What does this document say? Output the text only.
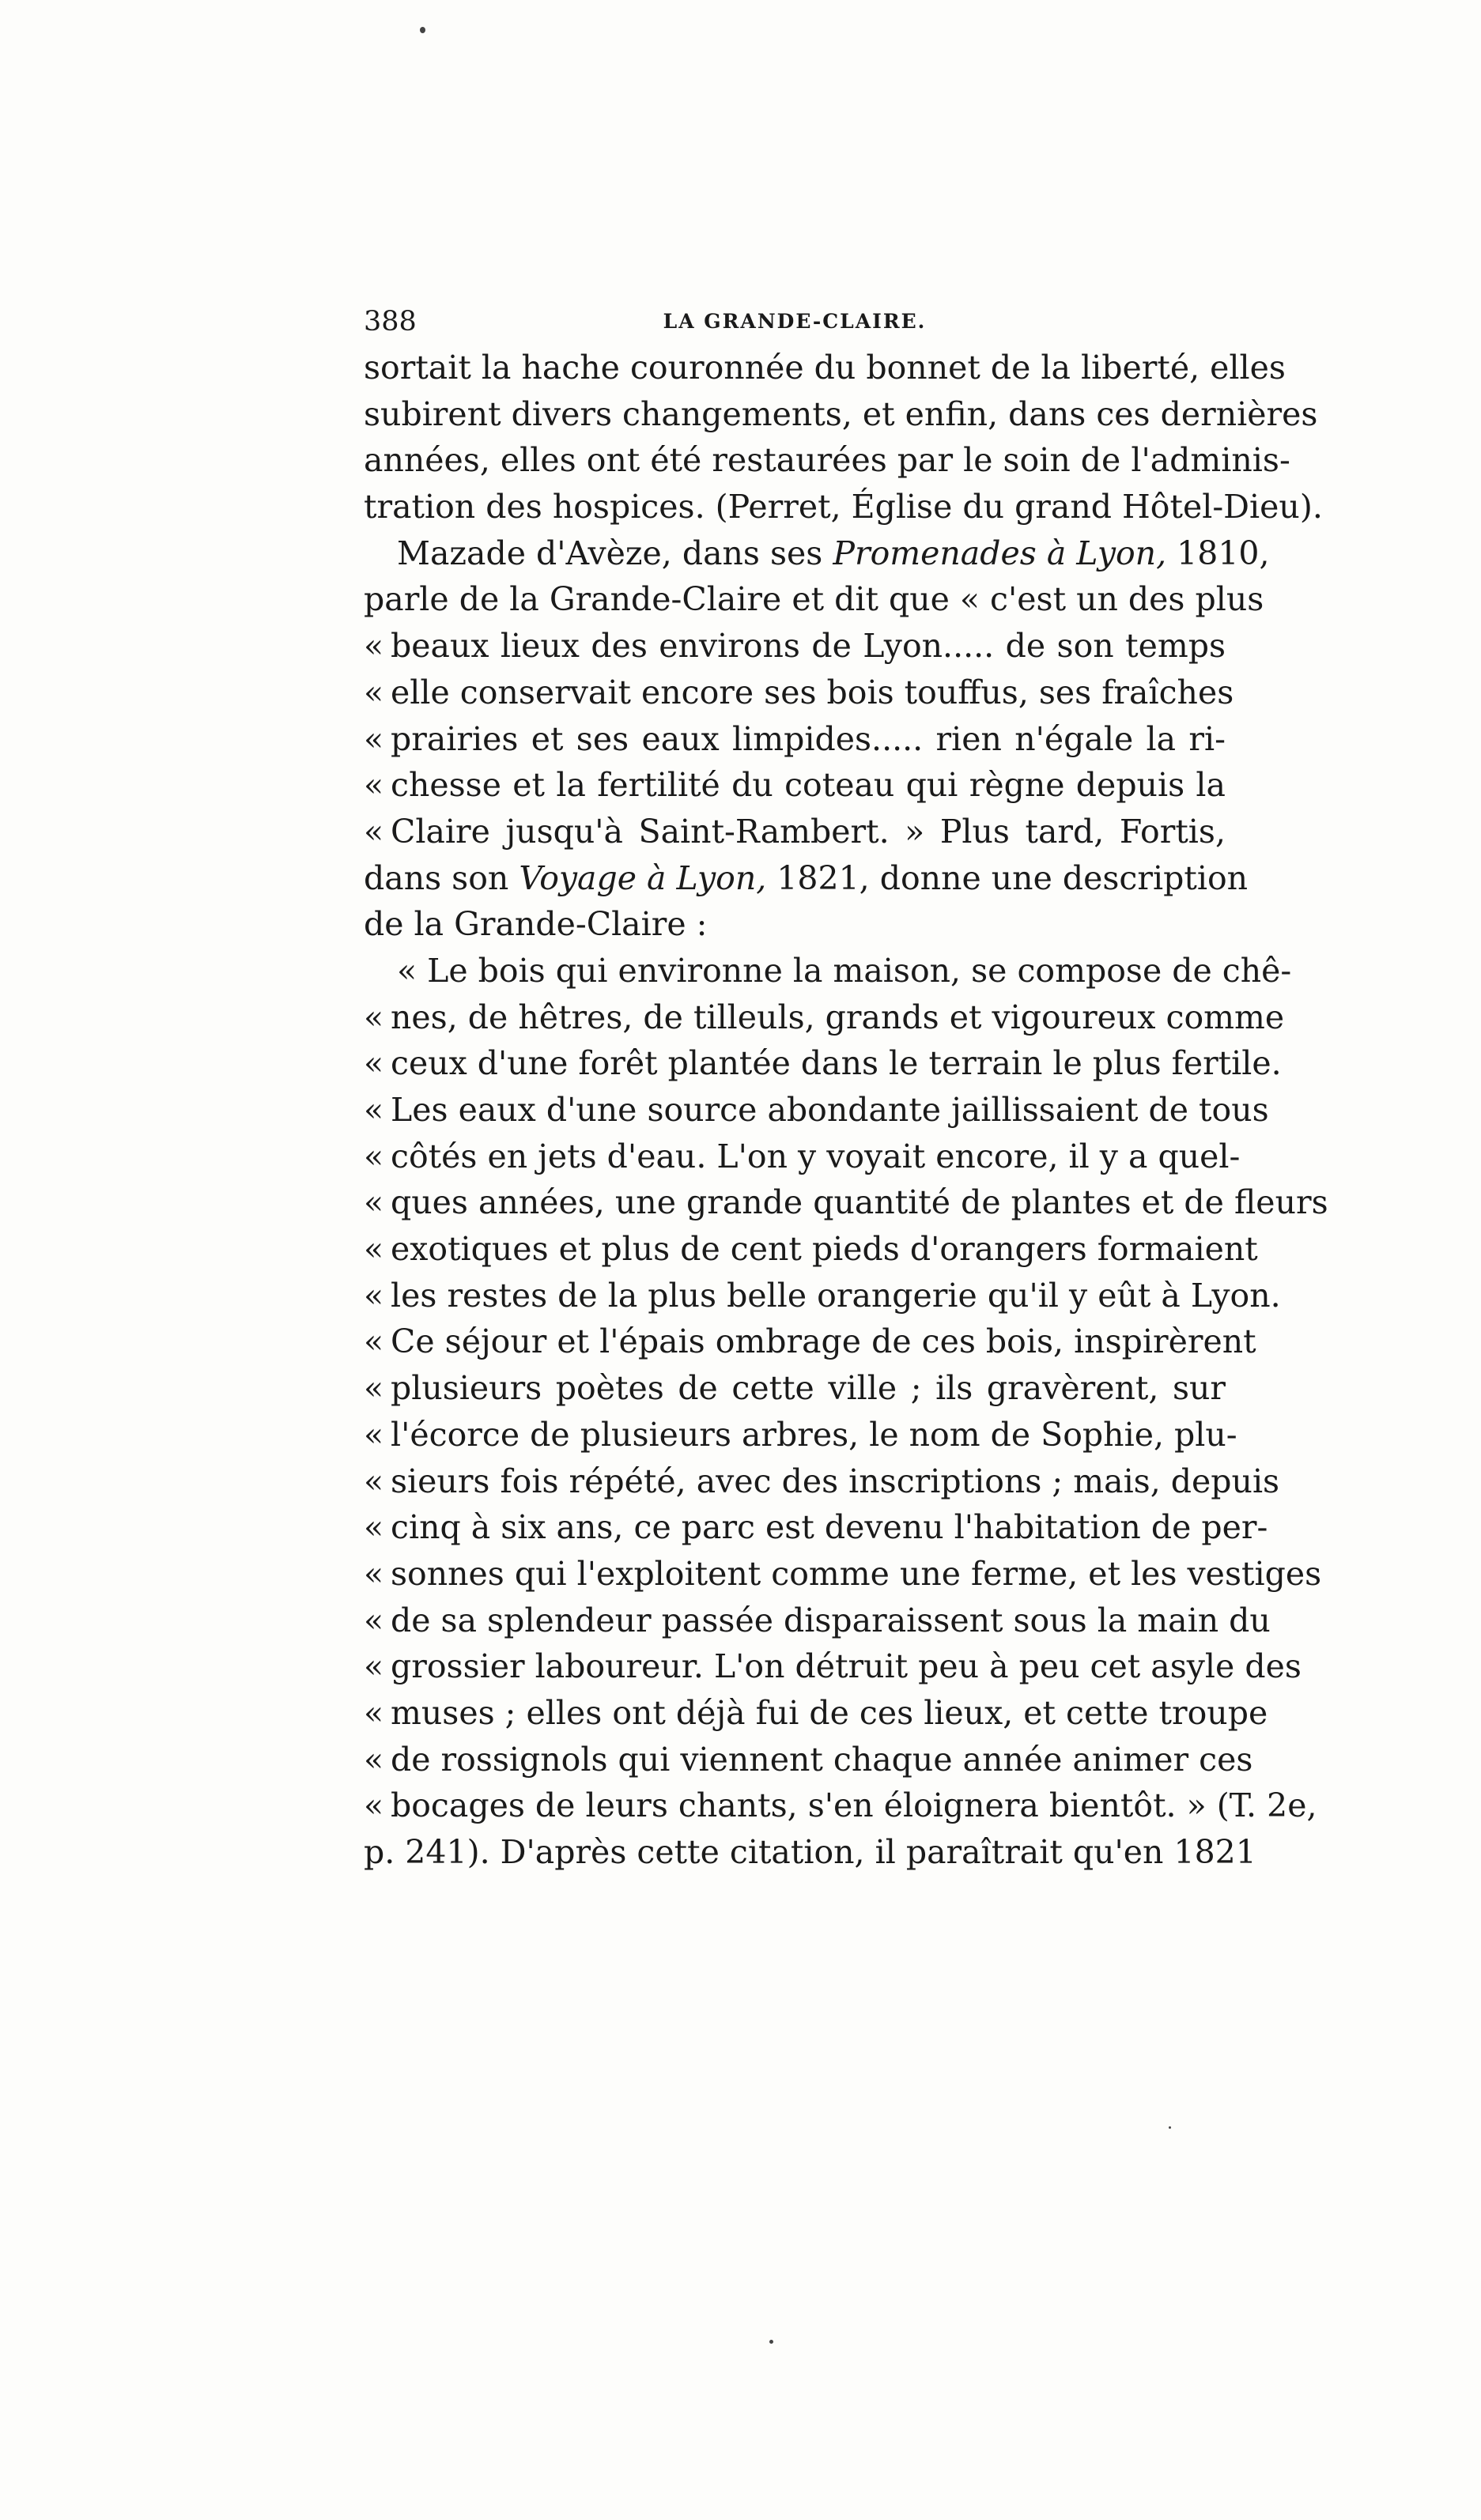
388	LA GRANDE-CLAIRE.
sortait la hache couronnée du bonnet de la liberté, elles
subirent divers changements, et enfin, dans ces dernières
années, elles ont été restaurées par le soin de l'adminis-
tration des hospices. (Perret, Église du grand Hôtel-Dieu).
Mazade d'Avèze, dans ses Promenades à Lyon, 1810,
parle de la Grande-Claire et dit que « c'est un des plus
« beaux lieux des environs de Lyon..... de son temps
« elle conservait encore ses bois touffus, ses fraîches
« prairies et ses eaux limpides..... rien n'égale la ri-
« chesse et la fertilité du coteau qui règne depuis la
« Claire jusqu'à Saint-Rambert. » Plus tard, Fortis,
dans son Voyage à Lyon, 1821, donne une description
de la Grande-Claire :
« Le bois qui environne la maison, se compose de chê-
« nes, de hêtres, de tilleuls, grands et vigoureux comme
« ceux d'une forêt plantée dans le terrain le plus fertile.
« Les eaux d'une source abondante jaillissaient de tous
« côtés en jets d'eau. L'on y voyait encore, il y a quel-
« ques années, une grande quantité de plantes et de fleurs
« exotiques et plus de cent pieds d'orangers formaient
« les restes de la plus belle orangerie qu'il y eût à Lyon.
« Ce séjour et l'épais ombrage de ces bois, inspirèrent
« plusieurs poètes de cette ville ; ils gravèrent, sur
« l'écorce de plusieurs arbres, le nom de Sophie, plu-
« sieurs fois répété, avec des inscriptions ; mais, depuis
« cinq à six ans, ce parc est devenu l'habitation de per-
« sonnes qui l'exploitent comme une ferme, et les vestiges
« de sa splendeur passée disparaissent sous la main du
« grossier laboureur. L'on détruit peu à peu cet asyle des
« muses ; elles ont déjà fui de ces lieux, et cette troupe
« de rossignols qui viennent chaque année animer ces
« bocages de leurs chants, s'en éloignera bientôt. » (T. 2e,
p. 241). D'après cette citation, il paraîtrait qu'en 1821
